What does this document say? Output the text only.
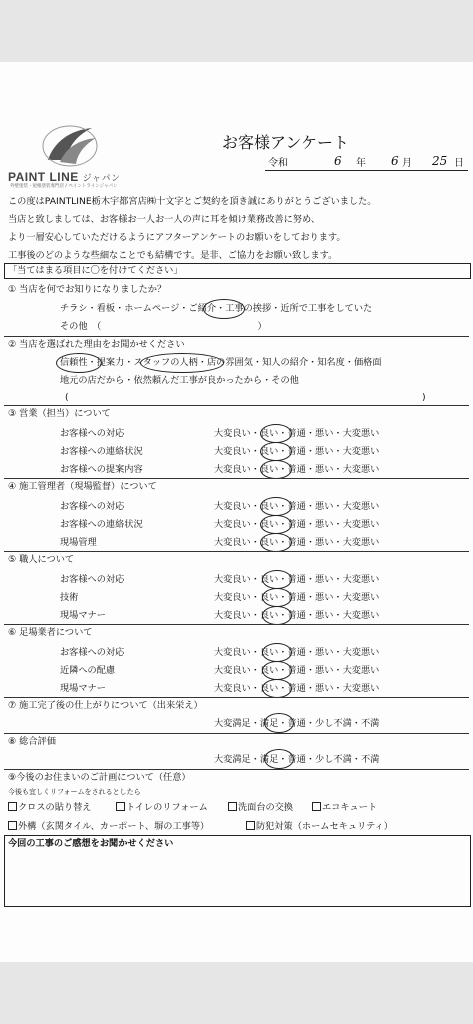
PAINT LINE ジャパン
外壁塗装・屋根塗装専門店 / ペイントラインジャパン
お客様アンケート
令和	6 年 6 月 25 日
この度はPAINTLINE栃木宇都宮店㈱十文字とご契約を頂き誠にありがとうございました。
当店と致しましては、お客様お一人お一人の声に耳を傾け業務改善に努め、
より一層安心していただけるようにアフターアンケートのお願いをしております。
工事後のどのような些細なことでも結構です。是非、ご協力をお願い致します。
「当てはまる項目に〇を付けてください」
① 当店を何でお知りになりましたか？
チラシ・看板・ホームページ・ご紹介・工事の挨拶・近所で工事をしていた
その他　（　　　　　　　　　　　　　　　　　）
② 当店を選ばれた理由をお聞かせください
信頼性・提案力・スタッフの人柄・店の雰囲気・知人の紹介・知名度・価格面
地元の店だから・依然頼んだ工事が良かったから・その他
(	)
③ 営業（担当）について
お客様への対応	大変良い・良い・普通・悪い・大変悪い
お客様への連絡状況	大変良い・良い・普通・悪い・大変悪い
お客様への提案内容	大変良い・良い・普通・悪い・大変悪い
④ 施工管理者（現場監督）について
お客様への対応	大変良い・良い・普通・悪い・大変悪い
お客様への連絡状況	大変良い・良い・普通・悪い・大変悪い
現場管理	大変良い・良い・普通・悪い・大変悪い
⑤ 職人について
お客様への対応	大変良い・良い・普通・悪い・大変悪い
技術	大変良い・良い・普通・悪い・大変悪い
現場マナー	大変良い・良い・普通・悪い・大変悪い
⑥ 足場業者について
お客様への対応	大変良い・良い・普通・悪い・大変悪い
近隣への配慮	大変良い・良い・普通・悪い・大変悪い
現場マナー	大変良い・良い・普通・悪い・大変悪い
⑦ 施工完了後の仕上がりについて（出来栄え）
大変満足・満足・普通・少し不満・不満
⑧ 総合評価
大変満足・満足・普通・少し不満・不満
⑨今後のお住まいのご計画について（任意）
今後も宜しくリフォームをされるとしたら
クロスの貼り替え	トイレのリフォーム	洗面台の交換	エコキュート
外構（玄関タイル、カーポート、塀の工事等）	防犯対策（ホームセキュリティ）
今回の工事のご感想をお聞かせください
